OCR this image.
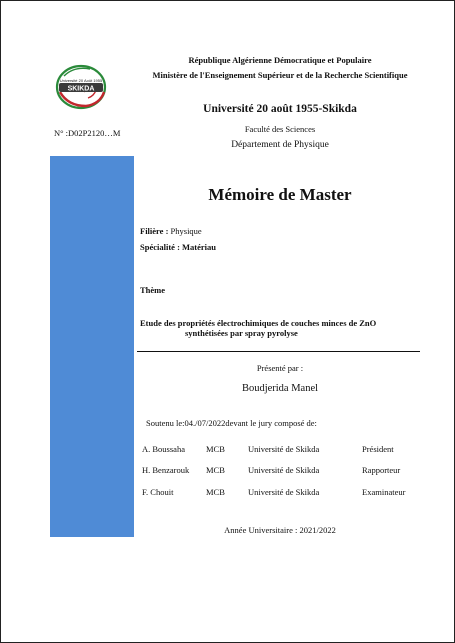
Université 20 Août 1955
SKIKDA
République Algérienne Démocratique et Populaire
Ministère de l'Enseignement Supérieur et de la Recherche Scientifique
Université 20 août 1955-Skikda
Faculté des Sciences
Département de Physique
N° :D02P2120…M
Mémoire de Master
Filière : Physique
Spécialité : Matériau
Thème
Etude des propriétés électrochimiques de couches minces de ZnO
synthétisées par spray pyrolyse
Présenté par :
Boudjerida Manel
Soutenu le:04./07/2022devant le jury composé de:
A. Boussaha MCB	Université de Skikda	Président
H. Benzarouk MCB	Université de Skikda	Rapporteur
F. Chouit	MCB	Université de Skikda	Examinateur
Année Universitaire : 2021/2022
